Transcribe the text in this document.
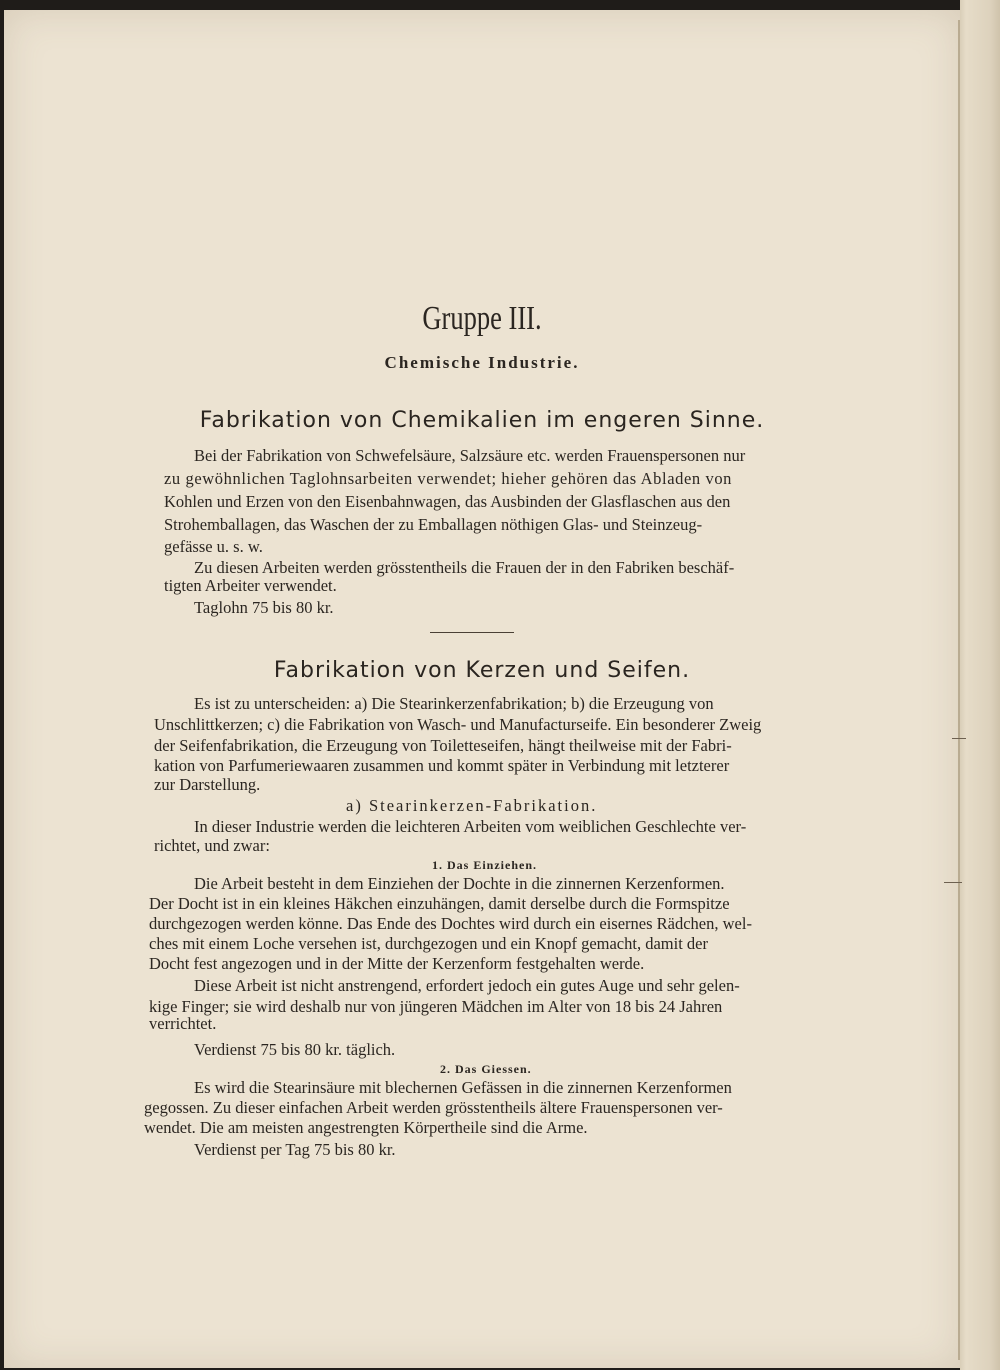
Gruppe III.
Chemische Industrie.
Fabrikation von Chemikalien im engeren Sinne.
Bei der Fabrikation von Schwefelsäure, Salzsäure etc. werden Frauenspersonen nur
zu gewöhnlichen Taglohnsarbeiten verwendet; hieher gehören das Abladen von
Kohlen und Erzen von den Eisenbahnwagen, das Ausbinden der Glasflaschen aus den
Strohemballagen, das Waschen der zu Emballagen nöthigen Glas- und Steinzeug-
gefässe u. s. w.
Zu diesen Arbeiten werden grösstentheils die Frauen der in den Fabriken beschäf-
tigten Arbeiter verwendet.
Taglohn 75 bis 80 kr.
Fabrikation von Kerzen und Seifen.
Es ist zu unterscheiden: a) Die Stearinkerzenfabrikation; b) die Erzeugung von
Unschlittkerzen; c) die Fabrikation von Wasch- und Manufacturseife. Ein besonderer Zweig
der Seifenfabrikation, die Erzeugung von Toiletteseifen, hängt theilweise mit der Fabri-
kation von Parfumeriewaaren zusammen und kommt später in Verbindung mit letzterer
zur Darstellung.
a) Stearinkerzen-Fabrikation.
In dieser Industrie werden die leichteren Arbeiten vom weiblichen Geschlechte ver-
richtet, und zwar:
1. Das Einziehen.
Die Arbeit besteht in dem Einziehen der Dochte in die zinnernen Kerzenformen.
Der Docht ist in ein kleines Häkchen einzuhängen, damit derselbe durch die Formspitze
durchgezogen werden könne. Das Ende des Dochtes wird durch ein eisernes Rädchen, wel-
ches mit einem Loche versehen ist, durchgezogen und ein Knopf gemacht, damit der
Docht fest angezogen und in der Mitte der Kerzenform festgehalten werde.
Diese Arbeit ist nicht anstrengend, erfordert jedoch ein gutes Auge und sehr gelen-
kige Finger; sie wird deshalb nur von jüngeren Mädchen im Alter von 18 bis 24 Jahren
verrichtet.
Verdienst 75 bis 80 kr. täglich.
2. Das Giessen.
Es wird die Stearinsäure mit blechernen Gefässen in die zinnernen Kerzenformen
gegossen. Zu dieser einfachen Arbeit werden grösstentheils ältere Frauenspersonen ver-
wendet. Die am meisten angestrengten Körpertheile sind die Arme.
Verdienst per Tag 75 bis 80 kr.
